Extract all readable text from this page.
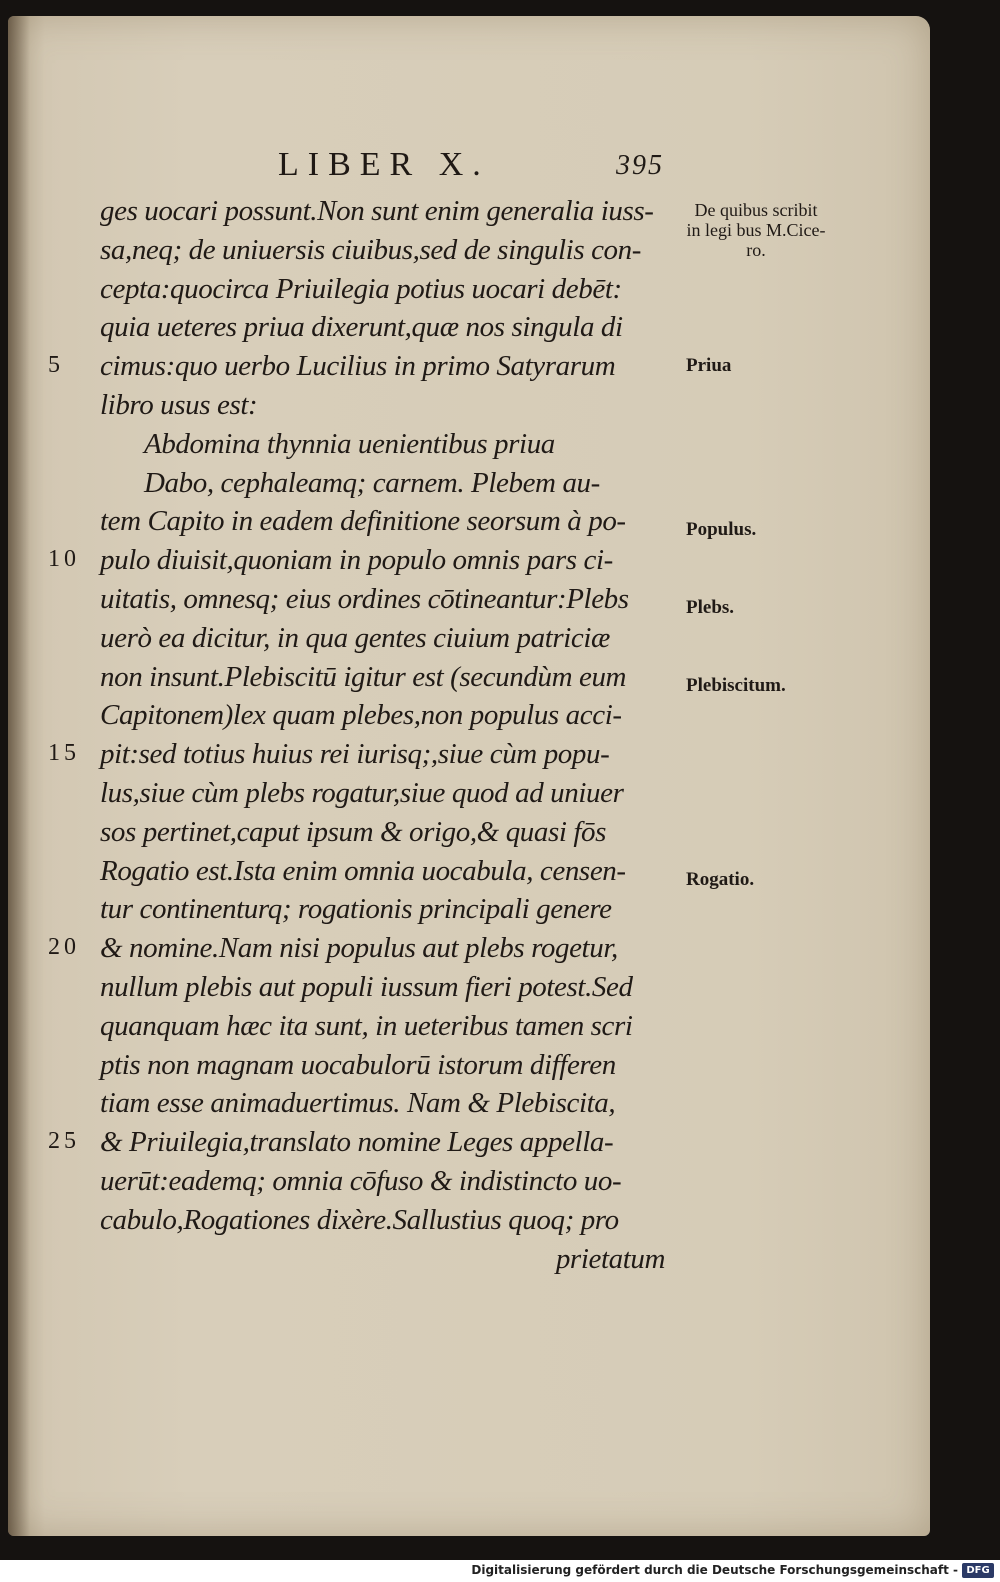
LIBER X.	395
5
10
15
20
25
ges uocari possunt.Non sunt enim generalia iuss-
sa,neq; de uniuersis ciuibus,sed de singulis con-
cepta:quocirca Priuilegia potius uocari debēt:
quia ueteres priua dixerunt,quæ nos singula di
cimus:quo uerbo Lucilius in primo Satyrarum
libro usus est:
Abdomina thynnia uenientibus priua
Dabo, cephaleamq; carnem. Plebem au-
tem Capito in eadem definitione seorsum à po-
pulo diuisit,quoniam in populo omnis pars ci-
uitatis, omnesq; eius ordines cōtineantur:Plebs
uerò ea dicitur, in qua gentes ciuium patriciæ
non insunt.Plebiscitū igitur est (secundùm eum
Capitonem)lex quam plebes,non populus acci-
pit:sed totius huius rei iurisq;,siue cùm popu-
lus,siue cùm plebs rogatur,siue quod ad uniuer
sos pertinet,caput ipsum & origo,& quasi fōs
Rogatio est.Ista enim omnia uocabula, censen-
tur continenturq; rogationis principali genere
& nomine.Nam nisi populus aut plebs rogetur,
nullum plebis aut populi iussum fieri potest.Sed
quanquam hæc ita sunt, in ueteribus tamen scri
ptis non magnam uocabulorū istorum differen
tiam esse animaduertimus. Nam & Plebiscita,
& Priuilegia,translato nomine Leges appella-
uerūt:eademq; omnia cōfuso & indistincto uo-
cabulo,Rogationes dixère.Sallustius quoq; pro
prietatum
De quibus scribit in legi bus M.Cice- ro.
Priua
Populus.
Plebs.
Plebiscitum.
Rogatio.
Digitalisierung gefördert durch die Deutsche Forschungsgemeinschaft - DFG
